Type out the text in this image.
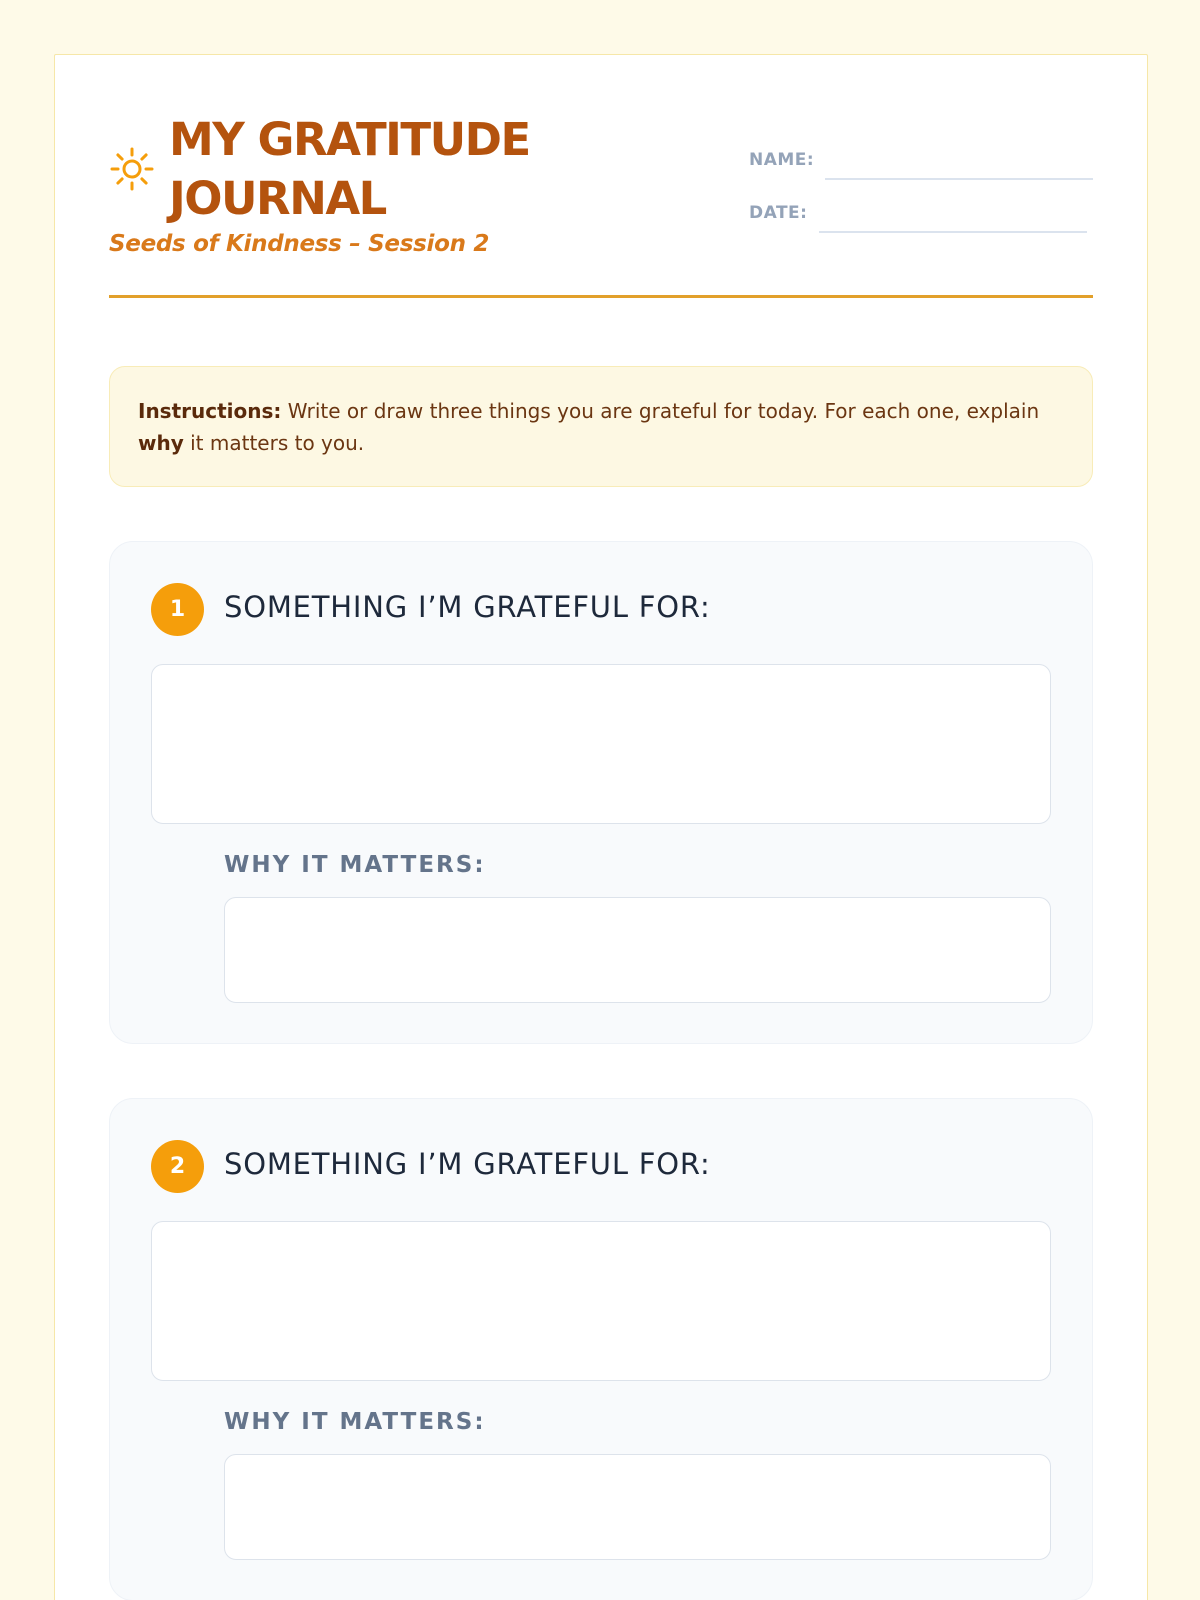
MY GRATITUDE
JOURNAL
Seeds of Kindness – Session 2
NAME:
DATE:
Instructions: Write or draw three things you are grateful for today. For each one, explain why it matters to you.
1	SOMETHING I’M GRATEFUL FOR:
WHY IT MATTERS:
2	SOMETHING I’M GRATEFUL FOR:
WHY IT MATTERS:
